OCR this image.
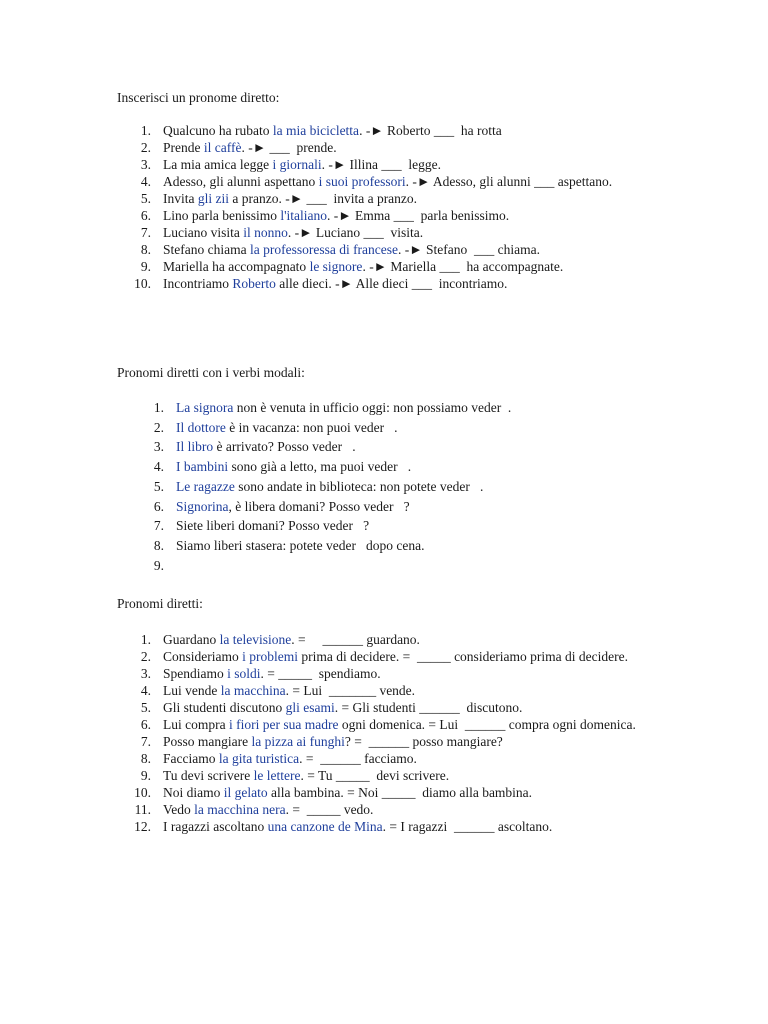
Inscerisci un pronome diretto:
1. Qualcuno ha rubato la mia bicicletta. -► Roberto ___  ha rotta
2. Prende il caffè. -► ___  prende.
3. La mia amica legge i giornali. -► Illina ___  legge.
4. Adesso, gli alunni aspettano i suoi professori. -► Adesso, gli alunni ___ aspettano.
5. Invita gli zii a pranzo. -► ___  invita a pranzo.
6. Lino parla benissimo l'italiano. -► Emma ___  parla benissimo.
7. Luciano visita il nonno. -► Luciano ___  visita.
8. Stefano chiama la professoressa di francese. -► Stefano  ___ chiama.
9. Mariella ha accompagnato le signore. -► Mariella ___  ha accompagnate.
10. Incontriamo Roberto alle dieci. -► Alle dieci ___  incontriamo.
Pronomi diretti con i verbi modali:
1. La signora non è venuta in ufficio oggi: non possiamo veder  .
2. Il dottore è in vacanza: non puoi veder   .
3. Il libro è arrivato? Posso veder   .
4. I bambini sono già a letto, ma puoi veder   .
5. Le ragazze sono andate in biblioteca: non potete veder   .
6. Signorina, è libera domani? Posso veder   ?
7. Siete liberi domani? Posso veder   ?
8. Siamo liberi stasera: potete veder   dopo cena.
9.

Pronomi diretti:
1. Guardano la televisione. =     ______ guardano.
2. Consideriamo i problemi prima di decidere. =  _____ consideriamo prima di decidere.
3. Spendiamo i soldi. = _____  spendiamo.
4. Lui vende la macchina. = Lui  _______ vende.
5. Gli studenti discutono gli esami. = Gli studenti ______  discutono.
6. Lui compra i fiori per sua madre ogni domenica. = Lui  ______ compra ogni domenica.
7. Posso mangiare la pizza ai funghi? =  ______ posso mangiare?
8. Facciamo la gita turistica. =  ______ facciamo.
9. Tu devi scrivere le lettere. = Tu _____  devi scrivere.
10. Noi diamo il gelato alla bambina. = Noi _____  diamo alla bambina.
11. Vedo la macchina nera. =  _____ vedo.
12. I ragazzi ascoltano una canzone de Mina. = I ragazzi  ______ ascoltano.
